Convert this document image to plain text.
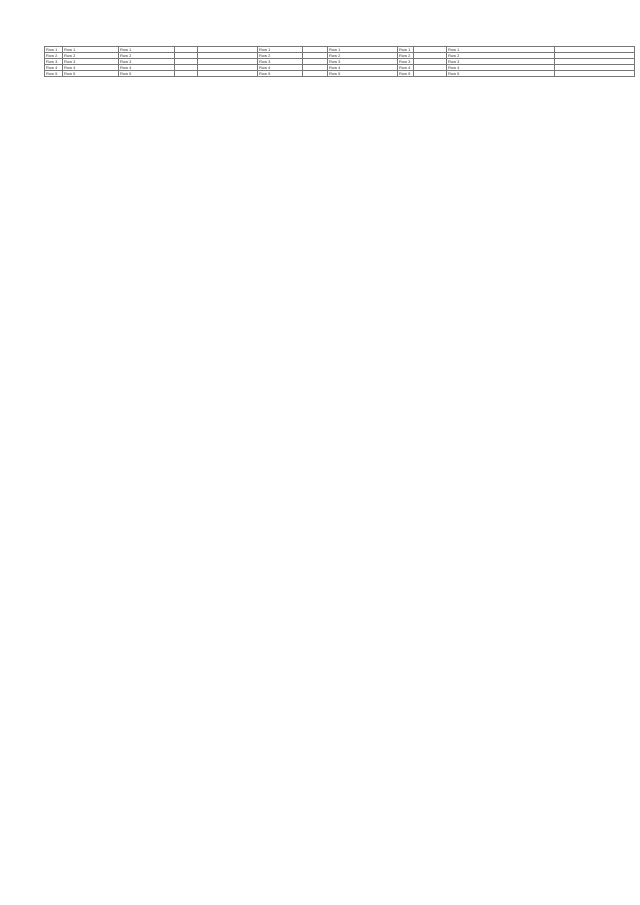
Row 1	Row 1	Row 1			Row 1		Row 1	Row 1		Row 1	
Row 2	Row 2	Row 2			Row 2		Row 2	Row 2		Row 2	
Row 3	Row 3	Row 3			Row 3		Row 3	Row 3		Row 3	
Row 4	Row 4	Row 4			Row 4		Row 4	Row 4		Row 4	
Row 5	Row 5	Row 5			Row 5		Row 5	Row 5		Row 5	
